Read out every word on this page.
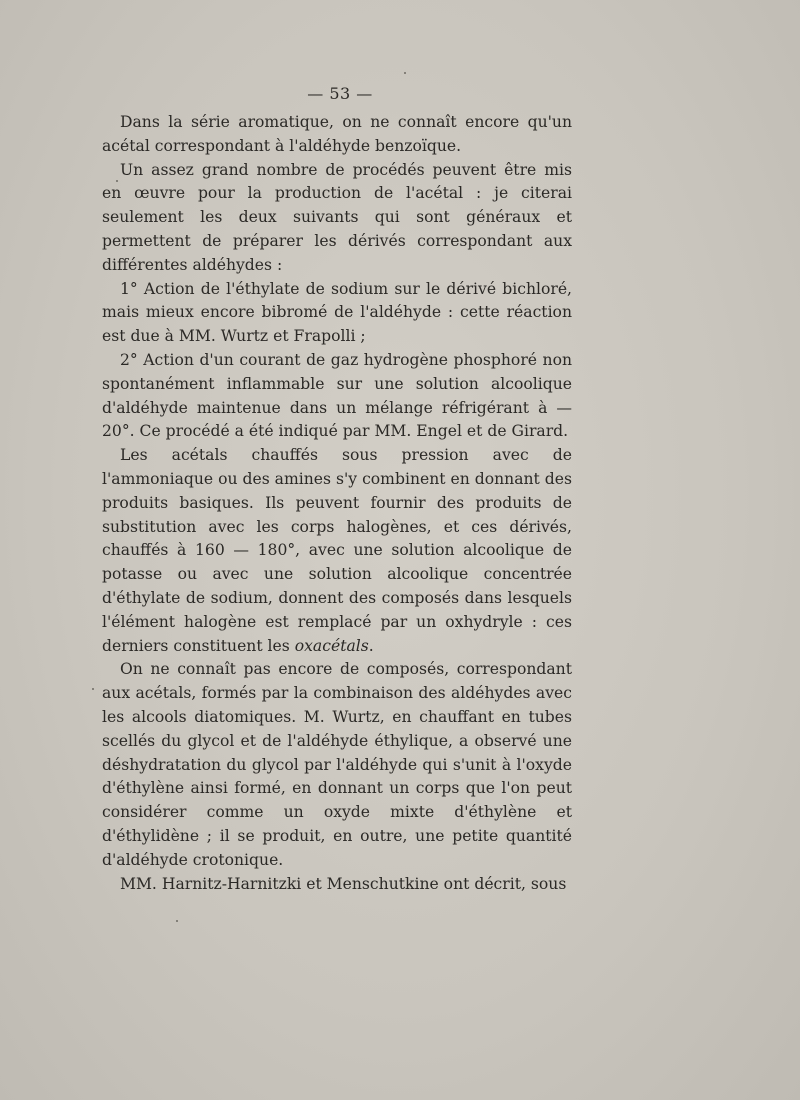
— 53 —

Dans la série aromatique, on ne connaît encore qu'un acétal correspondant à l'aldéhyde benzoïque.

Un assez grand nombre de procédés peuvent être mis en œuvre pour la production de l'acétal : je citerai seulement les deux suivants qui sont généraux et permettent de préparer les dérivés correspondant aux différentes aldéhydes :

1° Action de l'éthylate de sodium sur le dérivé bichloré, mais mieux encore bibromé de l'aldéhyde : cette réaction est due à MM. Wurtz et Frapolli ;

2° Action d'un courant de gaz hydrogène phosphoré non spontanément inflammable sur une solution alcoolique d'aldéhyde maintenue dans un mélange réfrigérant à — 20°. Ce procédé a été indiqué par MM. Engel et de Girard.

Les acétals chauffés sous pression avec de l'ammoniaque ou des amines s'y combinent en donnant des produits basiques. Ils peuvent fournir des produits de substitution avec les corps halogènes, et ces dérivés, chauffés à 160 — 180°, avec une solution alcoolique de potasse ou avec une solution alcoolique concentrée d'éthylate de sodium, donnent des composés dans lesquels l'élément halogène est remplacé par un oxhydryle : ces derniers constituent les oxacétals.

On ne connaît pas encore de composés, correspondant aux acétals, formés par la combinaison des aldéhydes avec les alcools diatomiques. M. Wurtz, en chauffant en tubes scellés du glycol et de l'aldéhyde éthylique, a observé une déshydratation du glycol par l'aldéhyde qui s'unit à l'oxyde d'éthylène ainsi formé, en donnant un corps que l'on peut considérer comme un oxyde mixte d'éthylène et d'éthylidène ; il se produit, en outre, une petite quantité d'aldéhyde crotonique.

MM. Harnitz-Harnitzki et Menschutkine ont décrit, sous
